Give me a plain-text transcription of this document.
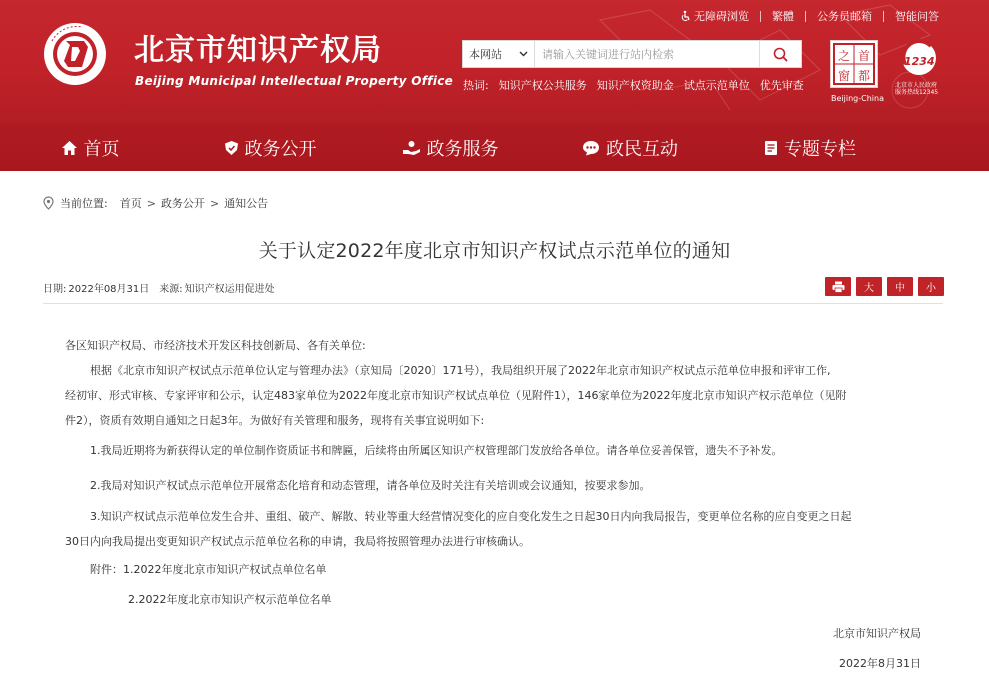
无障碍浏览 繁體 公务员邮箱 智能问答
北京市知识产权局
Beijing Municipal Intellectual Property Office
本网站
请输入关键词进行站内检索
热词: 知识产权公共服务 知识产权资助金 试点示范单位 优先审查
之 首
窗 都
Beijing-China
12345
北京市人民政府
服务热线12345
首页	政务公开	政务服务	政民互动	专题专栏
当前位置: 首页 > 政务公开 > 通知公告
关于认定2022年度北京市知识产权试点示范单位的通知
日期: 2022年08月31日 来源: 知识产权运用促进处	大	中	小

各区知识产权局、市经济技术开发区科技创新局、各有关单位:

根据《北京市知识产权试点示范单位认定与管理办法》（京知局〔2020〕171号），我局组织开展了2022年北京市知识产权试点示范单位申报和评审工作,

经初审、形式审核、专家评审和公示，认定483家单位为2022年度北京市知识产权试点单位（见附件1），146家单位为2022年度北京市知识产权示范单位（见附

件2），资质有效期自通知之日起3年。为做好有关管理和服务，现将有关事宜说明如下:

1.我局近期将为新获得认定的单位制作资质证书和牌匾，后续将由所属区知识产权管理部门发放给各单位。请各单位妥善保管，遗失不予补发。

2.我局对知识产权试点示范单位开展常态化培育和动态管理，请各单位及时关注有关培训或会议通知，按要求参加。

3.知识产权试点示范单位发生合并、重组、破产、解散、转业等重大经营情况变化的应自变化发生之日起30日内向我局报告，变更单位名称的应自变更之日起

30日内向我局提出变更知识产权试点示范单位名称的申请，我局将按照管理办法进行审核确认。

附件：1.2022年度北京市知识产权试点单位名单

2.2022年度北京市知识产权示范单位名单

北京市知识产权局

2022年8月31日
